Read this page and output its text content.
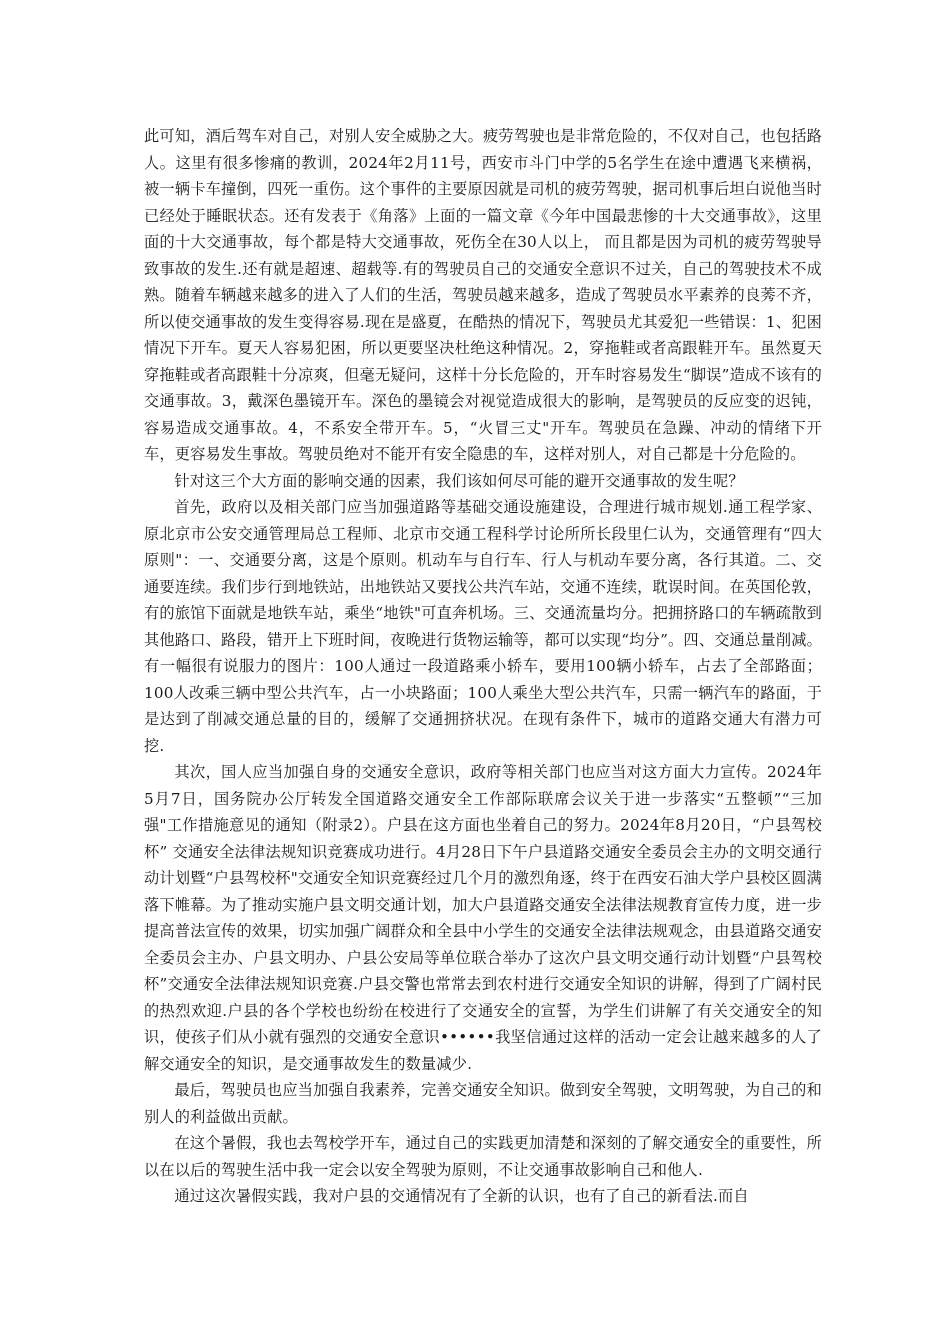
此可知，酒后驾车对自己，对别人安全威胁之大。疲劳驾驶也是非常危险的，不仅对自己，也包括路人。这里有很多惨痛的教训，2024年2月11号，西安市斗门中学的5名学生在途中遭遇飞来横祸，被一辆卡车撞倒，四死一重伤。这个事件的主要原因就是司机的疲劳驾驶，据司机事后坦白说他当时已经处于睡眠状态。还有发表于《角落》上面的一篇文章《今年中国最悲惨的十大交通事故》，这里面的十大交通事故，每个都是特大交通事故，死伤全在30人以上， 而且都是因为司机的疲劳驾驶导致事故的发生.还有就是超速、超载等.有的驾驶员自己的交通安全意识不过关，自己的驾驶技术不成熟。随着车辆越来越多的进入了人们的生活，驾驶员越来越多，造成了驾驶员水平素养的良莠不齐，所以使交通事故的发生变得容易.现在是盛夏，在酷热的情况下，驾驶员尤其爱犯一些错误：1、犯困情况下开车。夏天人容易犯困，所以更要坚决杜绝这种情况。2，穿拖鞋或者高跟鞋开车。虽然夏天穿拖鞋或者高跟鞋十分凉爽，但毫无疑问，这样十分长危险的，开车时容易发生“脚误”造成不该有的交通事故。3，戴深色墨镜开车。深色的墨镜会对视觉造成很大的影响，是驾驶员的反应变的迟钝，容易造成交通事故。4，不系安全带开车。5，“火冒三丈"开车。驾驶员在急躁、冲动的情绪下开车，更容易发生事故。驾驶员绝对不能开有安全隐患的车，这样对别人，对自己都是十分危险的。

针对这三个大方面的影响交通的因素，我们该如何尽可能的避开交通事故的发生呢？

首先，政府以及相关部门应当加强道路等基础交通设施建设，合理进行城市规划.通工程学家、原北京市公安交通管理局总工程师、北京市交通工程科学讨论所所长段里仁认为，交通管理有“四大原则"：一、交通要分离，这是个原则。机动车与自行车、行人与机动车要分离，各行其道。二、交通要连续。我们步行到地铁站，出地铁站又要找公共汽车站，交通不连续，耽误时间。在英国伦敦，有的旅馆下面就是地铁车站，乘坐“地铁"可直奔机场。三、交通流量均分。把拥挤路口的车辆疏散到其他路口、路段，错开上下班时间，夜晚进行货物运输等，都可以实现“均分”。四、交通总量削减。有一幅很有说服力的图片：100人通过一段道路乘小轿车，要用100辆小轿车，占去了全部路面；100人改乘三辆中型公共汽车，占一小块路面；100人乘坐大型公共汽车，只需一辆汽车的路面，于是达到了削减交通总量的目的，缓解了交通拥挤状况。在现有条件下，城市的道路交通大有潜力可挖.

其次，国人应当加强自身的交通安全意识，政府等相关部门也应当对这方面大力宣传。2024年5月7日，国务院办公厅转发全国道路交通安全工作部际联席会议关于进一步落实“五整顿”“三加强"工作措施意见的通知（附录2）。户县在这方面也坐着自己的努力。2024年8月20日，“户县驾校杯” 交通安全法律法规知识竞赛成功进行。4月28日下午户县道路交通安全委员会主办的文明交通行动计划暨“户县驾校杯"交通安全知识竞赛经过几个月的激烈角逐，终于在西安石油大学户县校区圆满落下帷幕。为了推动实施户县文明交通计划，加大户县道路交通安全法律法规教育宣传力度，进一步提高普法宣传的效果，切实加强广阔群众和全县中小学生的交通安全法律法规观念，由县道路交通安全委员会主办、户县文明办、户县公安局等单位联合举办了这次户县文明交通行动计划暨“户县驾校杯”交通安全法律法规知识竞赛.户县交警也常常去到农村进行交通安全知识的讲解，得到了广阔村民的热烈欢迎.户县的各个学校也纷纷在校进行了交通安全的宣誓，为学生们讲解了有关交通安全的知识，使孩子们从小就有强烈的交通安全意识••••••我坚信通过这样的活动一定会让越来越多的人了解交通安全的知识，是交通事故发生的数量减少.

最后，驾驶员也应当加强自我素养，完善交通安全知识。做到安全驾驶，文明驾驶，为自己的和别人的利益做出贡献。

在这个暑假，我也去驾校学开车，通过自己的实践更加清楚和深刻的了解交通安全的重要性，所以在以后的驾驶生活中我一定会以安全驾驶为原则，不让交通事故影响自己和他人.

通过这次暑假实践，我对户县的交通情况有了全新的认识，也有了自己的新看法.而自
